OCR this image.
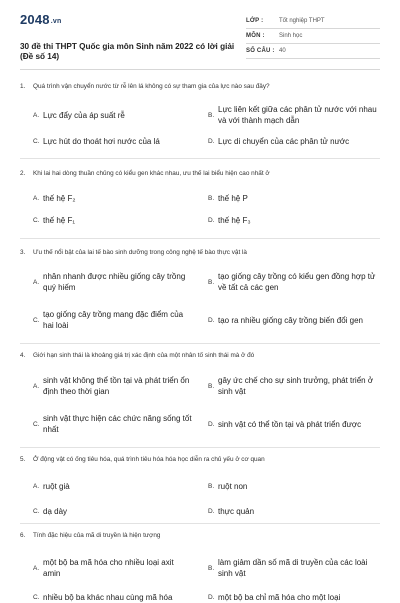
2048.vn
30 đề thi THPT Quốc gia môn Sinh năm 2022 có lời giải (Đề số 14)
LỚP :	Tốt nghiệp THPT
MÔN :	Sinh học
SỐ CÂU : 40
1.	Quá trình vận chuyển nước từ rễ lên lá không có sự tham gia của lực nào sau đây?
A. Lực đẩy của áp suất rễ	B.
Lực liên kết giữa các phân tử nước với nhau và với thành mạch dẫn
C. Lực hút do thoát hơi nước của lá	D. Lực di chuyển của các phân tử nước
2.	Khi lai hai dòng thuần chủng có kiểu gen khác nhau, ưu thế lai biểu hiện cao nhất ở
A. thế hệ F₂	B. thế hệ P
C. thế hệ F₁	D. thế hệ F₃
3.	Ưu thế nổi bật của lai tế bào sinh dưỡng trong công nghệ tế bào thực vật là
A.
nhân nhanh được nhiều giống cây trồng quý hiếm
B.
tạo giống cây trồng có kiểu gen đồng hợp tử về tất cả các gen
C.
tạo giống cây trồng mang đặc điểm của hai loài
D. tạo ra nhiều giống cây trồng biến đổi gen
4.	Giới hạn sinh thái là khoảng giá trị xác định của một nhân tố sinh thái mà ở đó
A.
sinh vật không thể tồn tại và phát triển ổn định theo thời gian
B.
gây ức chế cho sự sinh trưởng, phát triển ở sinh vật
C.
sinh vật thực hiện các chức năng sống tốt nhất
D. sinh vật có thể tồn tại và phát triển được
5.	Ở động vật có ống tiêu hóa, quá trình tiêu hóa hóa học diễn ra chủ yếu ở cơ quan
A. ruột già	B. ruột non
C. dạ dày	D. thực quản
6.	Tính đặc hiệu của mã di truyền là hiện tượng
A.
một bộ ba mã hóa cho nhiều loại axit amin
B.
làm giảm dần số mã di truyền của các loài sinh vật
C. nhiều bộ ba khác nhau cùng mã hóa	D. một bộ ba chỉ mã hóa cho một loại
